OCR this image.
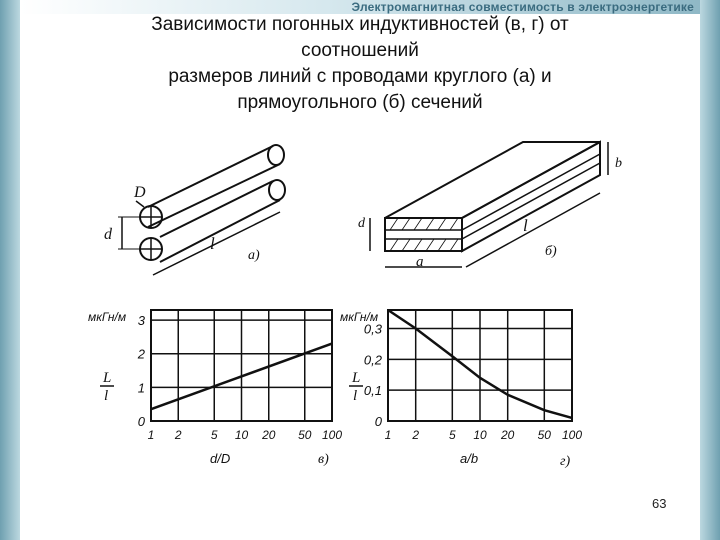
Электромагнитная совместимость в электроэнергетике
Зависимости погонных индуктивностей (в, г) от
соотношений
размеров линий с проводами круглого (а) и
прямоугольного (б) сечений
D
d	l
а)
d
b
l
a
б)
1 2 5 10 20 50 100
0
1
2
3
мкГн/м
L
l
d/D	в)
1 2 5 10 20 50 100
0
0,1
0,2
0,3
мкГн/м
L
l
a/b	г)
63
